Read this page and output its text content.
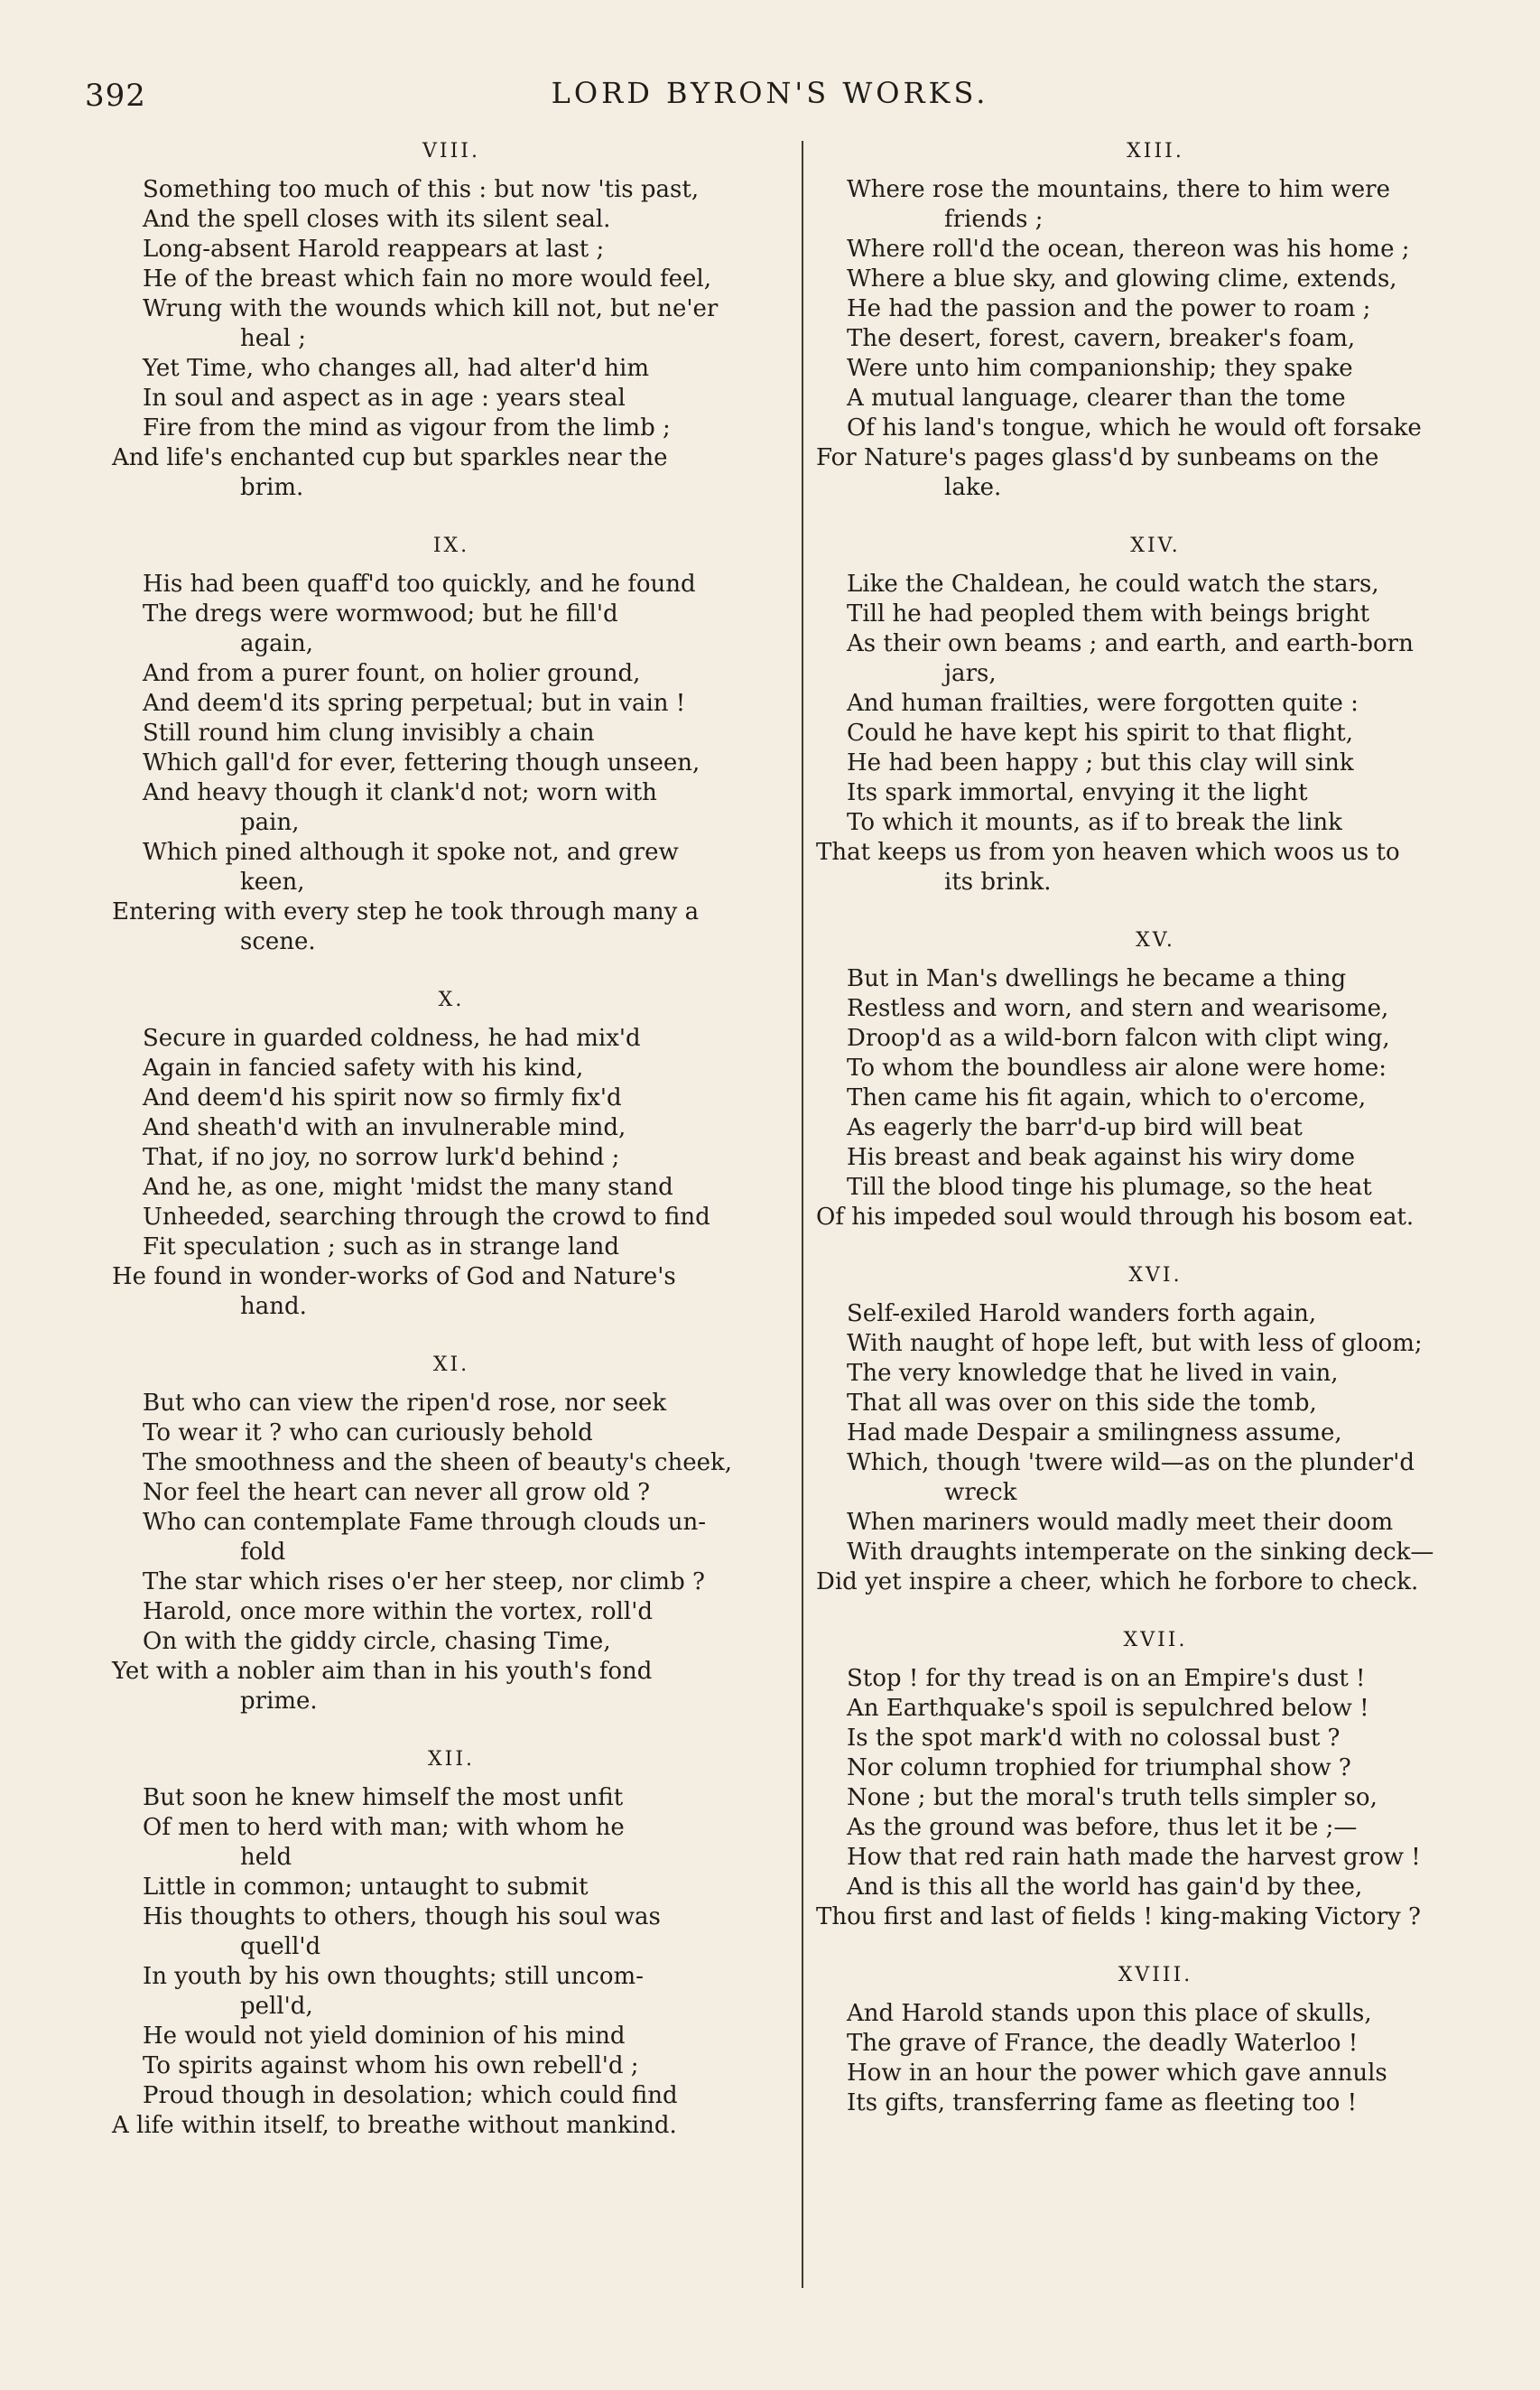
392	LORD BYRON'S WORKS.
VIII.
Something too much of this : but now 'tis past,
And the spell closes with its silent seal.
Long-absent Harold reappears at last ;
He of the breast which fain no more would feel,
Wrung with the wounds which kill not, but ne'er
heal ;
Yet Time, who changes all, had alter'd him
In soul and aspect as in age : years steal
Fire from the mind as vigour from the limb ;
And life's enchanted cup but sparkles near the
brim.
IX.
His had been quaff'd too quickly, and he found
The dregs were wormwood; but he fill'd
again,
And from a purer fount, on holier ground,
And deem'd its spring perpetual; but in vain !
Still round him clung invisibly a chain
Which gall'd for ever, fettering though unseen,
And heavy though it clank'd not; worn with
pain,
Which pined although it spoke not, and grew
keen,
Entering with every step he took through many a
scene.
X.
Secure in guarded coldness, he had mix'd
Again in fancied safety with his kind,
And deem'd his spirit now so firmly fix'd
And sheath'd with an invulnerable mind,
That, if no joy, no sorrow lurk'd behind ;
And he, as one, might 'midst the many stand
Unheeded, searching through the crowd to find
Fit speculation ; such as in strange land
He found in wonder-works of God and Nature's
hand.
XI.
But who can view the ripen'd rose, nor seek
To wear it ? who can curiously behold
The smoothness and the sheen of beauty's cheek,
Nor feel the heart can never all grow old ?
Who can contemplate Fame through clouds un-
fold
The star which rises o'er her steep, nor climb ?
Harold, once more within the vortex, roll'd
On with the giddy circle, chasing Time,
Yet with a nobler aim than in his youth's fond
prime.
XII.
But soon he knew himself the most unfit
Of men to herd with man; with whom he
held
Little in common; untaught to submit
His thoughts to others, though his soul was
quell'd
In youth by his own thoughts; still uncom-
pell'd,
He would not yield dominion of his mind
To spirits against whom his own rebell'd ;
Proud though in desolation; which could find
A life within itself, to breathe without mankind.
XIII.
Where rose the mountains, there to him were
friends ;
Where roll'd the ocean, thereon was his home ;
Where a blue sky, and glowing clime, extends,
He had the passion and the power to roam ;
The desert, forest, cavern, breaker's foam,
Were unto him companionship; they spake
A mutual language, clearer than the tome
Of his land's tongue, which he would oft forsake
For Nature's pages glass'd by sunbeams on the
lake.
XIV.
Like the Chaldean, he could watch the stars,
Till he had peopled them with beings bright
As their own beams ; and earth, and earth-born
jars,
And human frailties, were forgotten quite :
Could he have kept his spirit to that flight,
He had been happy ; but this clay will sink
Its spark immortal, envying it the light
To which it mounts, as if to break the link
That keeps us from yon heaven which woos us to
its brink.
XV.
But in Man's dwellings he became a thing
Restless and worn, and stern and wearisome,
Droop'd as a wild-born falcon with clipt wing,
To whom the boundless air alone were home:
Then came his fit again, which to o'ercome,
As eagerly the barr'd-up bird will beat
His breast and beak against his wiry dome
Till the blood tinge his plumage, so the heat
Of his impeded soul would through his bosom eat.
XVI.
Self-exiled Harold wanders forth again,
With naught of hope left, but with less of gloom;
The very knowledge that he lived in vain,
That all was over on this side the tomb,
Had made Despair a smilingness assume,
Which, though 'twere wild—as on the plunder'd
wreck
When mariners would madly meet their doom
With draughts intemperate on the sinking deck—
Did yet inspire a cheer, which he forbore to check.
XVII.
Stop ! for thy tread is on an Empire's dust !
An Earthquake's spoil is sepulchred below !
Is the spot mark'd with no colossal bust ?
Nor column trophied for triumphal show ?
None ; but the moral's truth tells simpler so,
As the ground was before, thus let it be ;—
How that red rain hath made the harvest grow !
And is this all the world has gain'd by thee,
Thou first and last of fields ! king-making Victory ?
XVIII.
And Harold stands upon this place of skulls,
The grave of France, the deadly Waterloo !
How in an hour the power which gave annuls
Its gifts, transferring fame as fleeting too !
